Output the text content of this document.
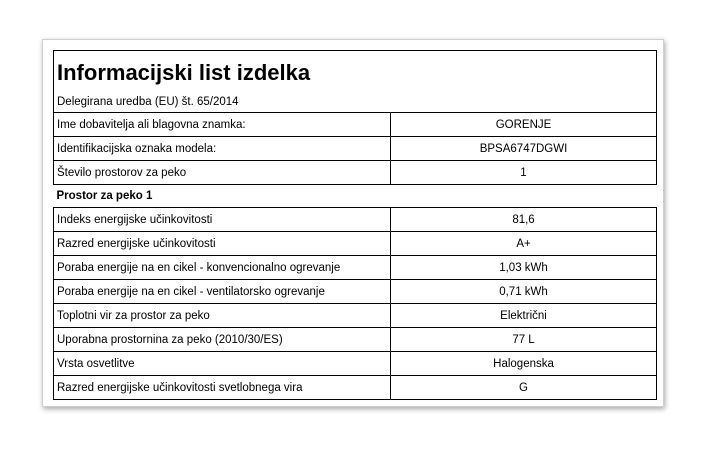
Informacijski list izdelka	
Delegirana uredba (EU) št. 65/2014	
Ime dobavitelja ali blagovna znamka:	GORENJE
Identifikacijska oznaka modela:	BPSA6747DGWI
Število prostorov za peko	1
Prostor za peko 1	
Indeks energijske učinkovitosti	81,6
Razred energijske učinkovitosti	A+
Poraba energije na en cikel - konvencionalno ogrevanje	1,03 kWh
Poraba energije na en cikel - ventilatorsko ogrevanje	0,71 kWh
Toplotni vir za prostor za peko	Električni
Uporabna prostornina za peko (2010/30/ES)	77 L
Vrsta osvetlitve	Halogenska
Razred energijske učinkovitosti svetlobnega vira	G
